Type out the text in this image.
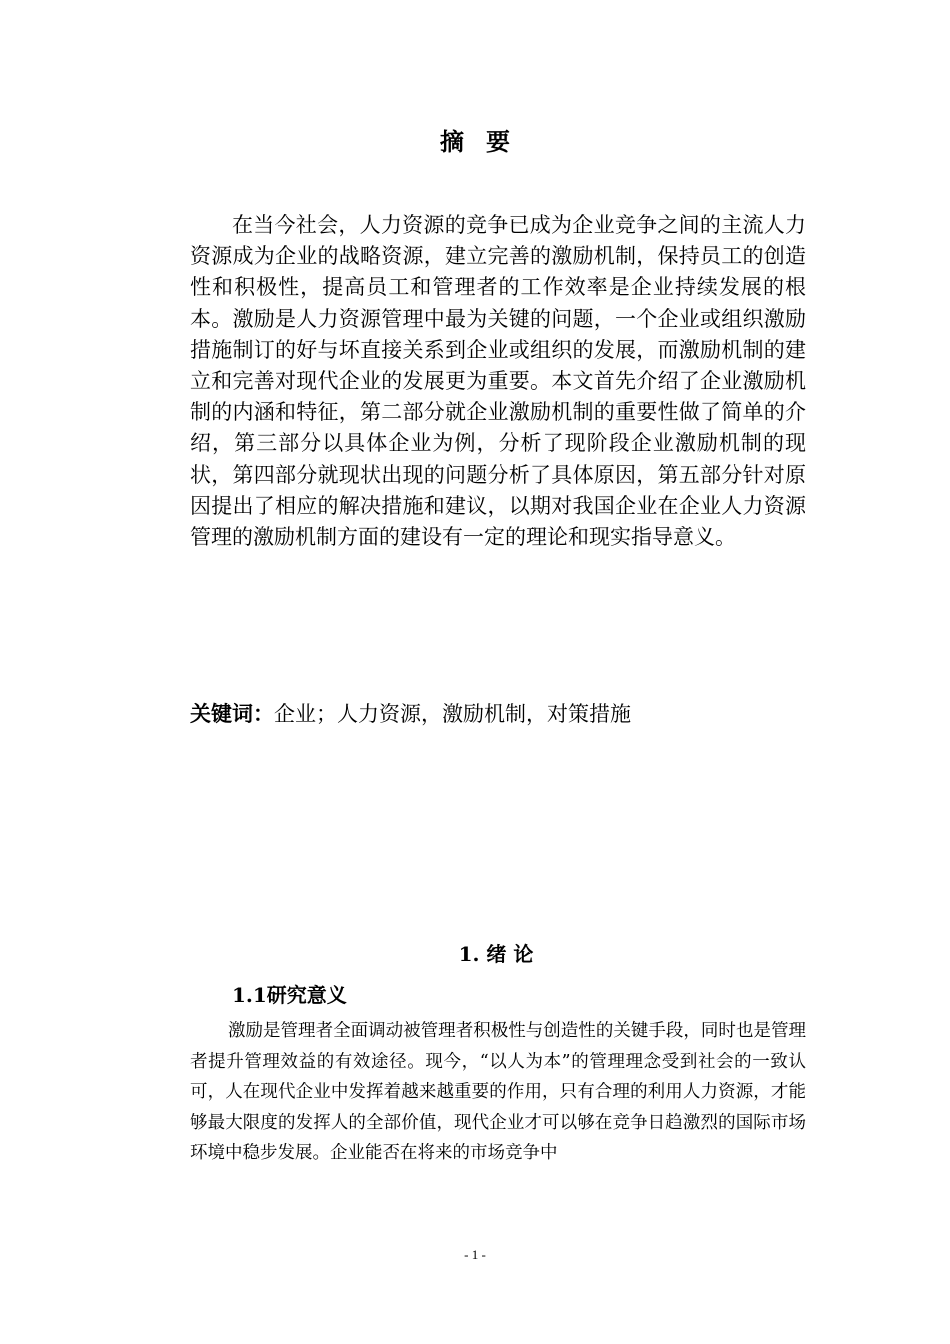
摘要

在当今社会，人力资源的竞争已成为企业竞争之间的主流人力资源成为企业的战略资源，建立完善的激励机制，保持员工的创造性和积极性，提高员工和管理者的工作效率是企业持续发展的根本。激励是人力资源管理中最为关键的问题，一个企业或组织激励措施制订的好与坏直接关系到企业或组织的发展，而激励机制的建立和完善对现代企业的发展更为重要。本文首先介绍了企业激励机制的内涵和特征，第二部分就企业激励机制的重要性做了简单的介绍，第三部分以具体企业为例，分析了现阶段企业激励机制的现状，第四部分就现状出现的问题分析了具体原因，第五部分针对原因提出了相应的解决措施和建议，以期对我国企业在企业人力资源管理的激励机制方面的建设有一定的理论和现实指导意义。

关键词：企业；人力资源，激励机制，对策措施
1. 绪 论
1.1研究意义

激励是管理者全面调动被管理者积极性与创造性的关键手段，同时也是管理者提升管理效益的有效途径。现今，“以人为本”的管理理念受到社会的一致认可，人在现代企业中发挥着越来越重要的作用，只有合理的利用人力资源，才能够最大限度的发挥人的全部价值，现代企业才可以够在竞争日趋激烈的国际市场环境中稳步发展。企业能否在将来的市场竞争中

- 1 -
